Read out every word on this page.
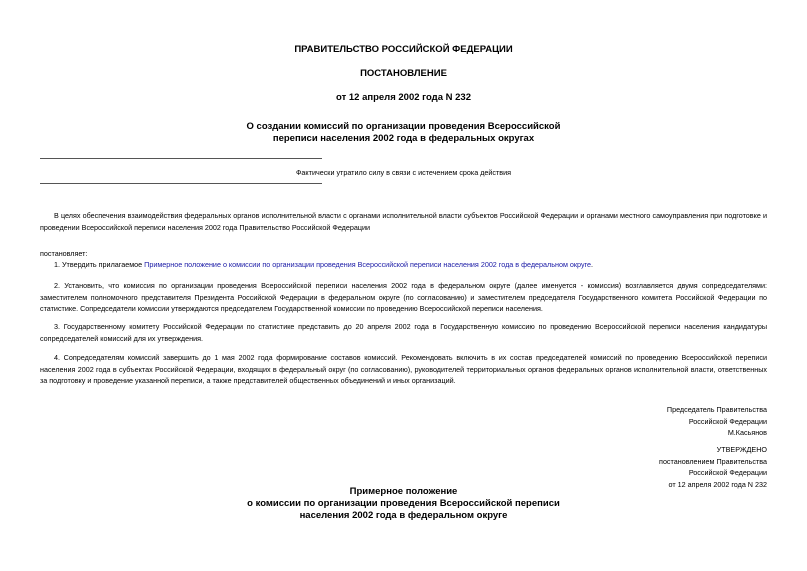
ПРАВИТЕЛЬСТВО РОССИЙСКОЙ ФЕДЕРАЦИИ
ПОСТАНОВЛЕНИЕ
от 12 апреля 2002 года N 232
О создании комиссий по организации проведения Всероссийской
переписи населения 2002 года в федеральных округах
Фактически утратило силу в связи с истечением срока действия
В целях обеспечения взаимодействия федеральных органов исполнительной власти с органами исполнительной власти субъектов Российской Федерации и органами местного самоуправления при подготовке и проведении Всероссийской переписи населения 2002 года Правительство Российской Федерации
постановляет:
1. Утвердить прилагаемое Примерное положение о комиссии по организации проведения Всероссийской переписи населения 2002 года в федеральном округе.
2. Установить, что комиссия по организации проведения Всероссийской переписи населения 2002 года в федеральном округе (далее именуется - комиссия) возглавляется двумя сопредседателями: заместителем полномочного представителя Президента Российской Федерации в федеральном округе (по согласованию) и заместителем председателя Государственного комитета Российской Федерации по статистике. Сопредседатели комиссии утверждаются председателем Государственной комиссии по проведению Всероссийской переписи населения.
3. Государственному комитету Российской Федерации по статистике представить до 20 апреля 2002 года в Государственную комиссию по проведению Всероссийской переписи населения кандидатуры сопредседателей комиссий для их утверждения.
4. Сопредседателям комиссий завершить до 1 мая 2002 года формирование составов комиссий. Рекомендовать включить в их состав председателей комиссий по проведению Всероссийской переписи населения 2002 года в субъектах Российской Федерации, входящих в федеральный округ (по согласованию), руководителей территориальных органов федеральных органов исполнительной власти, ответственных за подготовку и проведение указанной переписи, а также представителей общественных объединений и иных организаций.
Председатель Правительства
Российской Федерации
М.Касьянов
УТВЕРЖДЕНО
постановлением Правительства
Российской Федерации
от 12 апреля 2002 года N 232
Примерное положение
о комиссии по организации проведения Всероссийской переписи
населения 2002 года в федеральном округе
